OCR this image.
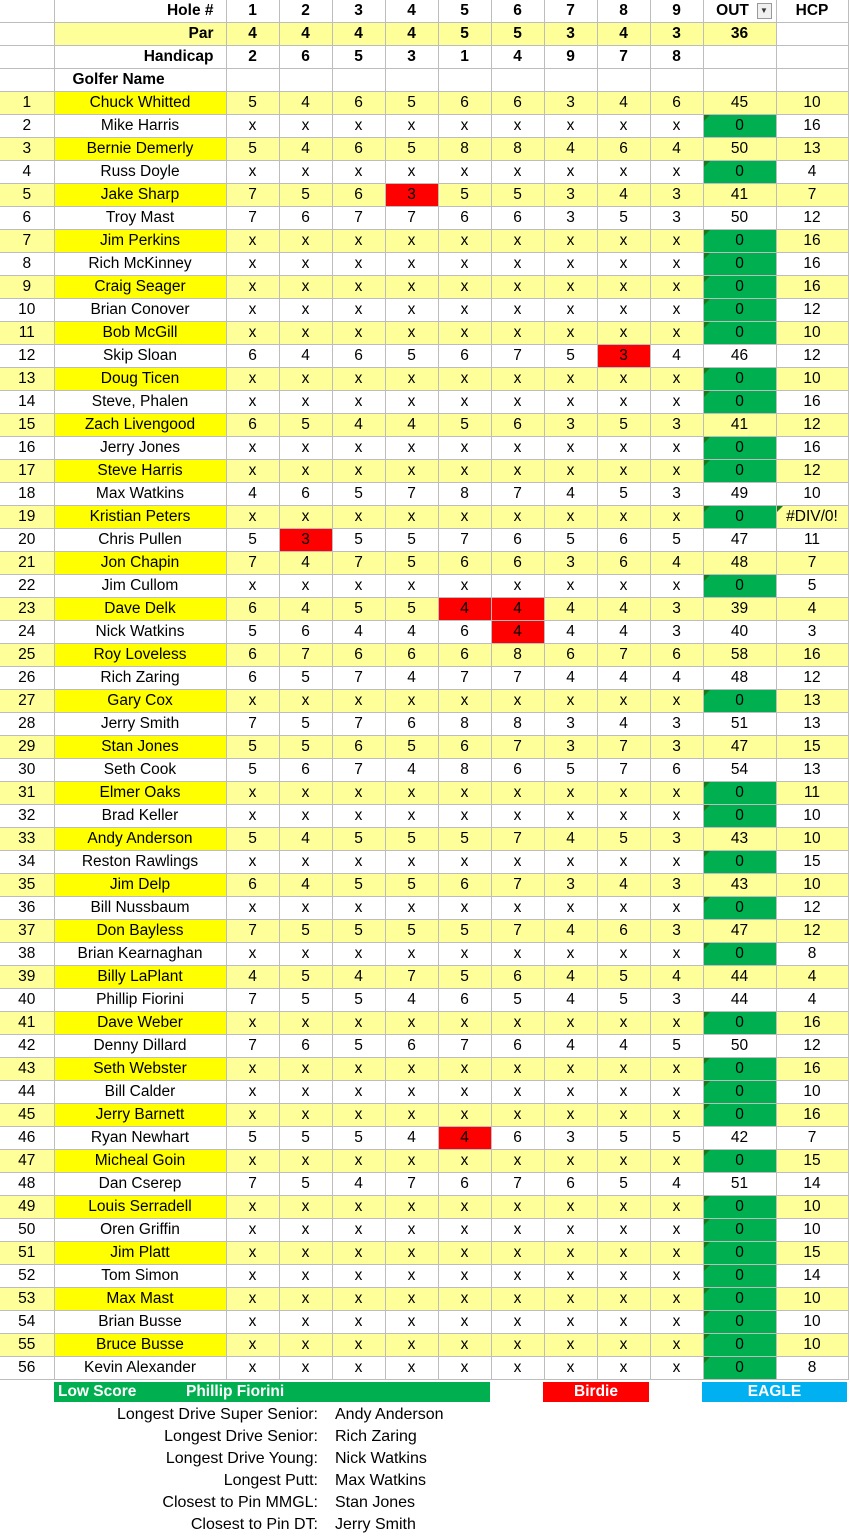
	Hole #	1	2	3	4	5	6	7	8	9	OUT ▼	HCP
	Par	4	4	4	4	5	5	3	4	3	36	
	Handicap	2	6	5	3	1	4	9	7	8		
	Golfer Name											
1	Chuck Whitted	5	4	6	5	6	6	3	4	6	45	10
2	Mike Harris	x	x	x	x	x	x	x	x	x	0	16
3	Bernie Demerly	5	4	6	5	8	8	4	6	4	50	13
4	Russ Doyle	x	x	x	x	x	x	x	x	x	0	4
5	Jake Sharp	7	5	6	3	5	5	3	4	3	41	7
6	Troy Mast	7	6	7	7	6	6	3	5	3	50	12
7	Jim Perkins	x	x	x	x	x	x	x	x	x	0	16
8	Rich McKinney	x	x	x	x	x	x	x	x	x	0	16
9	Craig Seager	x	x	x	x	x	x	x	x	x	0	16
10	Brian Conover	x	x	x	x	x	x	x	x	x	0	12
11	Bob McGill	x	x	x	x	x	x	x	x	x	0	10
12	Skip Sloan	6	4	6	5	6	7	5	3	4	46	12
13	Doug Ticen	x	x	x	x	x	x	x	x	x	0	10
14	Steve, Phalen	x	x	x	x	x	x	x	x	x	0	16
15	Zach Livengood	6	5	4	4	5	6	3	5	3	41	12
16	Jerry Jones	x	x	x	x	x	x	x	x	x	0	16
17	Steve Harris	x	x	x	x	x	x	x	x	x	0	12
18	Max Watkins	4	6	5	7	8	7	4	5	3	49	10
19	Kristian Peters	x	x	x	x	x	x	x	x	x	0	#DIV/0!
20	Chris Pullen	5	3	5	5	7	6	5	6	5	47	11
21	Jon Chapin	7	4	7	5	6	6	3	6	4	48	7
22	Jim Cullom	x	x	x	x	x	x	x	x	x	0	5
23	Dave Delk	6	4	5	5	4	4	4	4	3	39	4
24	Nick Watkins	5	6	4	4	6	4	4	4	3	40	3
25	Roy Loveless	6	7	6	6	6	8	6	7	6	58	16
26	Rich Zaring	6	5	7	4	7	7	4	4	4	48	12
27	Gary Cox	x	x	x	x	x	x	x	x	x	0	13
28	Jerry Smith	7	5	7	6	8	8	3	4	3	51	13
29	Stan Jones	5	5	6	5	6	7	3	7	3	47	15
30	Seth Cook	5	6	7	4	8	6	5	7	6	54	13
31	Elmer Oaks	x	x	x	x	x	x	x	x	x	0	11
32	Brad Keller	x	x	x	x	x	x	x	x	x	0	10
33	Andy Anderson	5	4	5	5	5	7	4	5	3	43	10
34	Reston Rawlings	x	x	x	x	x	x	x	x	x	0	15
35	Jim Delp	6	4	5	5	6	7	3	4	3	43	10
36	Bill Nussbaum	x	x	x	x	x	x	x	x	x	0	12
37	Don Bayless	7	5	5	5	5	7	4	6	3	47	12
38	Brian Kearnaghan	x	x	x	x	x	x	x	x	x	0	8
39	Billy LaPlant	4	5	4	7	5	6	4	5	4	44	4
40	Phillip Fiorini	7	5	5	4	6	5	4	5	3	44	4
41	Dave Weber	x	x	x	x	x	x	x	x	x	0	16
42	Denny Dillard	7	6	5	6	7	6	4	4	5	50	12
43	Seth Webster	x	x	x	x	x	x	x	x	x	0	16
44	Bill Calder	x	x	x	x	x	x	x	x	x	0	10
45	Jerry Barnett	x	x	x	x	x	x	x	x	x	0	16
46	Ryan Newhart	5	5	5	4	4	6	3	5	5	42	7
47	Micheal Goin	x	x	x	x	x	x	x	x	x	0	15
48	Dan Cserep	7	5	4	7	6	7	6	5	4	51	14
49	Louis Serradell	x	x	x	x	x	x	x	x	x	0	10
50	Oren Griffin	x	x	x	x	x	x	x	x	x	0	10
51	Jim Platt	x	x	x	x	x	x	x	x	x	0	15
52	Tom Simon	x	x	x	x	x	x	x	x	x	0	14
53	Max Mast	x	x	x	x	x	x	x	x	x	0	10
54	Brian Busse	x	x	x	x	x	x	x	x	x	0	10
55	Bruce Busse	x	x	x	x	x	x	x	x	x	0	10
56	Kevin Alexander	x	x	x	x	x	x	x	x	x	0	8
Low Score	Phillip Fiorini	Birdie	EAGLE
Longest Drive Super Senior: Andy Anderson
Longest Drive Senior: Rich Zaring
Longest Drive Young: Nick Watkins
Longest Putt: Max Watkins
Closest to Pin MMGL: Stan Jones
Closest to Pin DT: Jerry Smith
